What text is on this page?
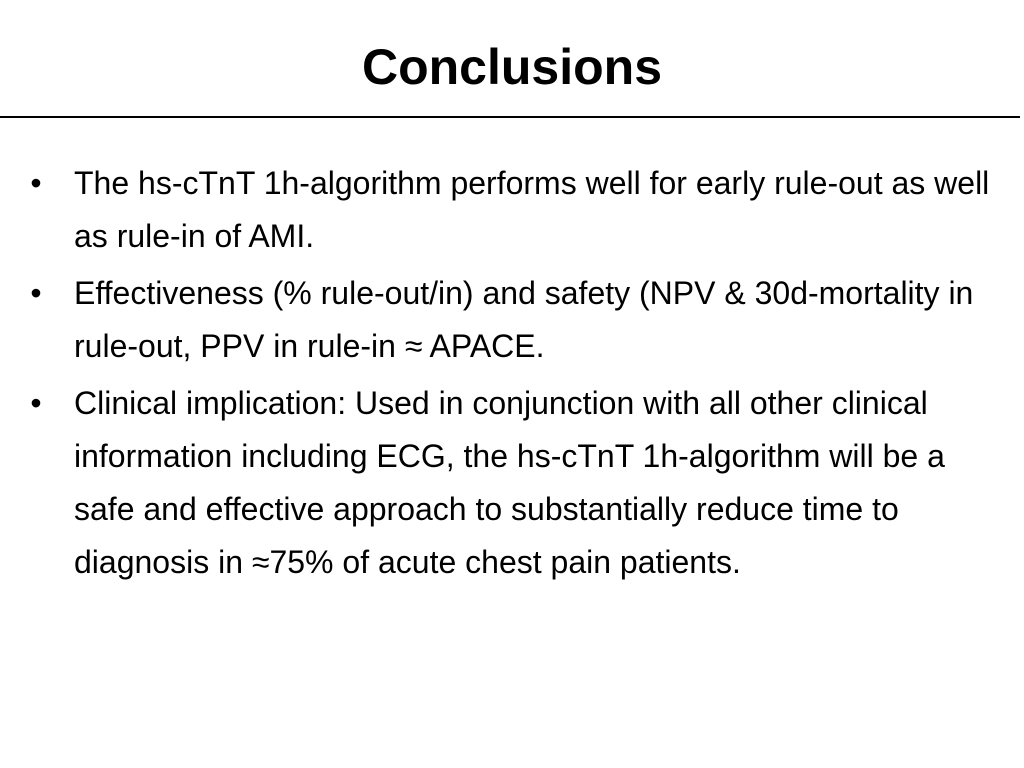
Conclusions
• The hs-cTnT 1h-algorithm performs well for early rule-out as well as rule-in of AMI.
• Effectiveness (% rule-out/in) and safety (NPV & 30d-mortality in rule-out, PPV in rule-in ≈ APACE.
• Clinical implication: Used in conjunction with all other clinical information including ECG, the hs-cTnT 1h-algorithm will be a safe and effective approach to substantially reduce time to diagnosis in ≈75% of acute chest pain patients.
